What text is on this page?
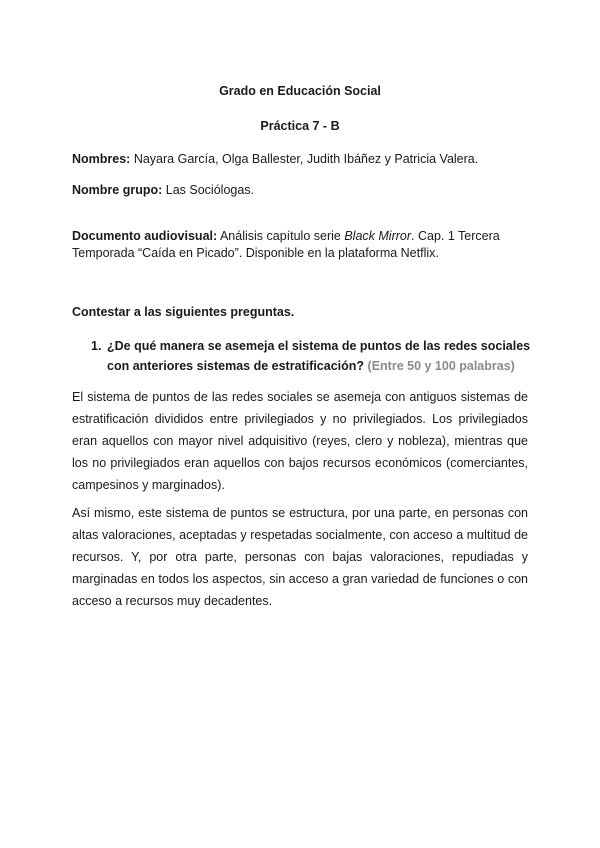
Grado en Educación Social
Práctica 7 - B
Nombres: Nayara García, Olga Ballester, Judith Ibáñez y Patricia Valera.
Nombre grupo: Las Sociólogas.
Documento audiovisual: Análisis capítulo serie Black Mirror. Cap. 1 Tercera
Temporada “Caída en Picado”. Disponible en la plataforma Netflix.
Contestar a las siguientes preguntas.
1. ¿De qué manera se asemeja el sistema de puntos de las redes sociales
con anteriores sistemas de estratificación? (Entre 50 y 100 palabras)
El sistema de puntos de las redes sociales se asemeja con antiguos sistemas de estratificación divididos entre privilegiados y no privilegiados. Los privilegiados eran aquellos con mayor nivel adquisitivo (reyes, clero y nobleza), mientras que los no privilegiados eran aquellos con bajos recursos económicos (comerciantes, campesinos y marginados).
Así mismo, este sistema de puntos se estructura, por una parte, en personas con altas valoraciones, aceptadas y respetadas socialmente, con acceso a multitud de recursos. Y, por otra parte, personas con bajas valoraciones, repudiadas y marginadas en todos los aspectos, sin acceso a gran variedad de funciones o con acceso a recursos muy decadentes.
